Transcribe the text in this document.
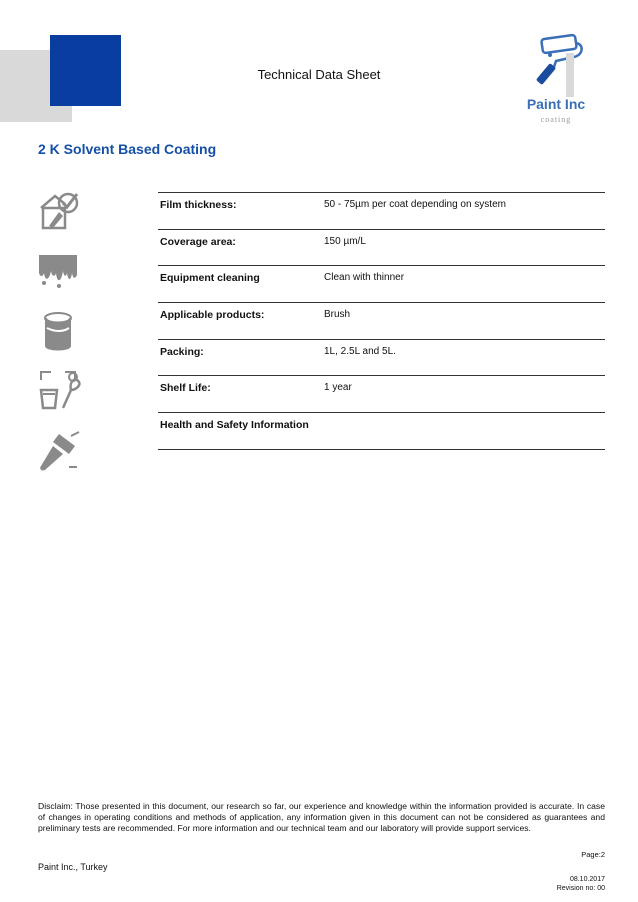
Technical Data Sheet
Paint Inc
coating
2 K Solvent Based Coating
Film thickness:	50 - 75µm per coat depending on system
Coverage area:	150 µm/L
Equipment cleaning	Clean with thinner
Applicable products:	Brush
Packing:	1L, 2.5L and 5L.
Shelf Life:	1 year
Health and Safety Information
Disclaim: Those presented in this document, our research so far, our experience and knowledge within the information provided is accurate. In case of changes in operating conditions and methods of application, any information given in this document can not be considered as guarantees and preliminary tests are recommended. For more information and our technical team and our laboratory will provide support services.
Page:2
Paint Inc., Turkey
08.10.2017
Revision no: 00
